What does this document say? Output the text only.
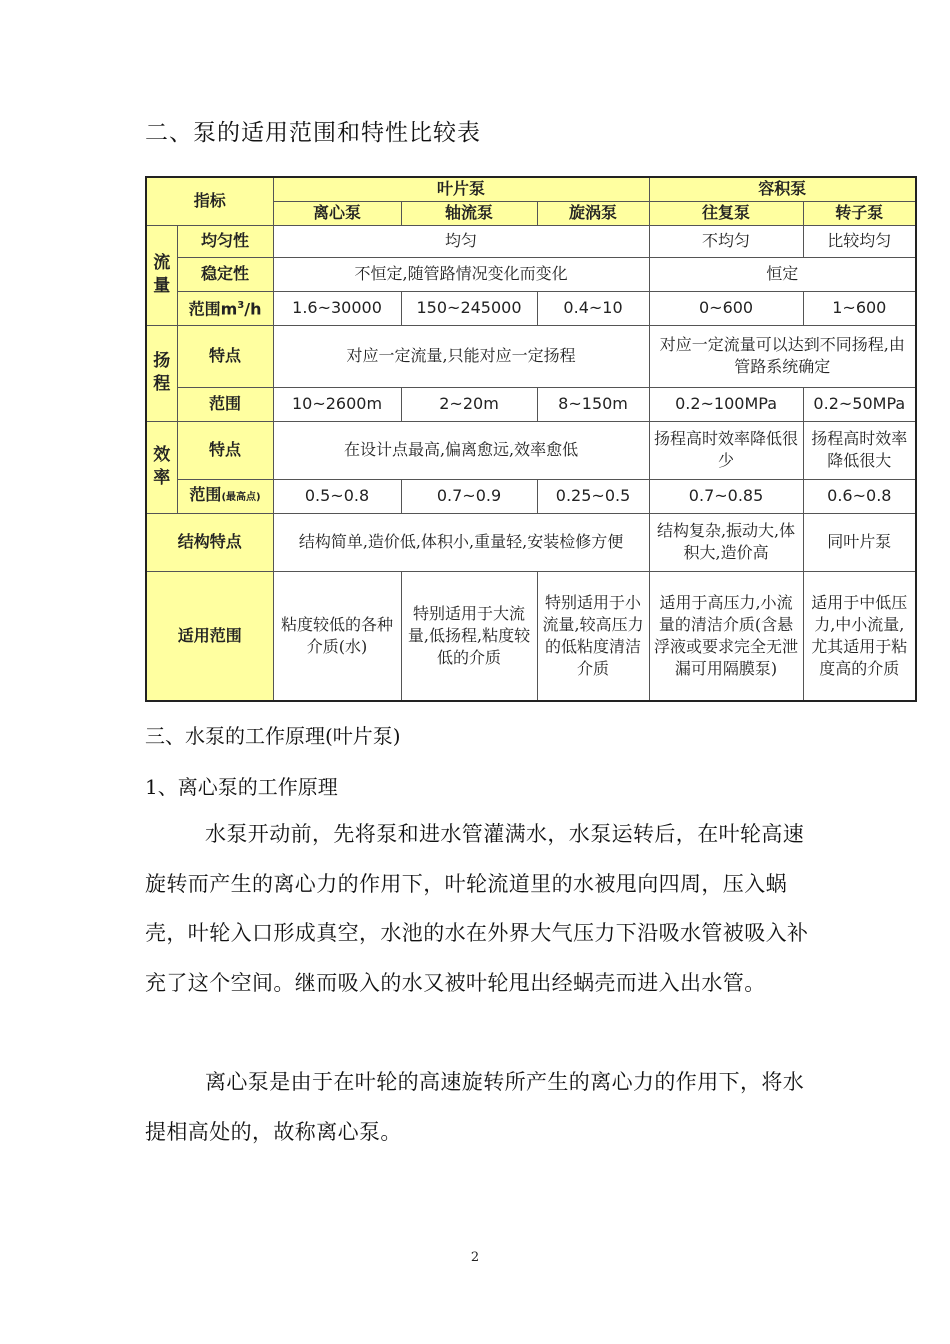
二、泵的适用范围和特性比较表
指标		叶片泵			容积泵	
		离心泵	轴流泵	旋涡泵	往复泵	转子泵

流量	均匀性	均匀			不均匀	比较均匀
	稳定性	不恒定,随管路情况变化而变化			恒定	
	范围$m^3/h$	1.6~30000	150~245000	0.4~10	0~600	1~600

扬程	特点	对应一定流量,只能对应一定扬程			对应一定流量可以达到不同扬程,由管路系统确定	
	范围	10~2600m	2~20m	8~150m	0.2~100MPa	0.2~50MPa

效率	特点	在设计点最高,偏离愈远,效率愈低			扬程高时效率降低很少	扬程高时效率降低很大
	范围(最高点)	0.5~0.8	0.7~0.9	0.25~0.5	0.7~0.85	0.6~0.8
结构特点		结构简单,造价低,体积小,重量轻,安装检修方便			结构复杂,振动大,体积大,造价高	同叶片泵
适用范围		粘度较低的各种介质(水)	特别适用于大流量,低扬程,粘度较低的介质	特别适用于小流量,较高压力的低粘度清洁介质	适用于高压力,小流量的清洁介质(含悬浮液或要求完全无泄漏可用隔膜泵)	适用于中低压力,中小流量, 尤其适用于粘度高的介质

三、水泵的工作原理(叶片泵)

1、离心泵的工作原理

水泵开动前，先将泵和进水管灌满水，水泵运转后，在叶轮高速旋转而产生的离心力的作用下，叶轮流道里的水被甩向四周，压入蜗壳，叶轮入口形成真空，水池的水在外界大气压力下沿吸水管被吸入补充了这个空间。继而吸入的水又被叶轮甩出经蜗壳而进入出水管。

离心泵是由于在叶轮的高速旋转所产生的离心力的作用下，将水提相高处的，故称离心泵。

2
